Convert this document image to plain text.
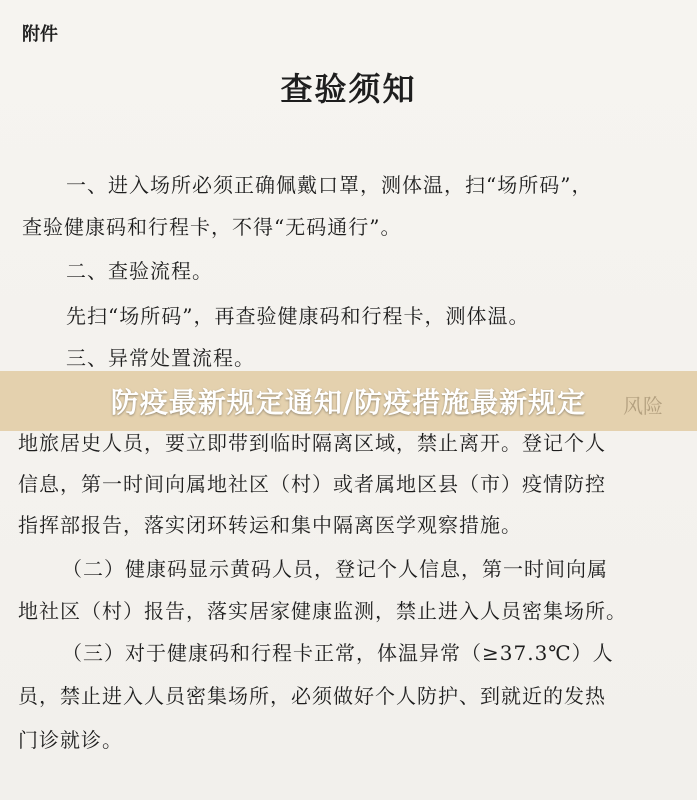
附件
查验须知
一、进入场所必须正确佩戴口罩，测体温，扫“场所码”，
查验健康码和行程卡，不得“无码通行”。
二、查验流程。
先扫“场所码”，再查验健康码和行程卡，测体温。
三、异常处置流程。
地旅居史人员，要立即带到临时隔离区域，禁止离开。登记个人
信息，第一时间向属地社区（村）或者属地区县（市）疫情防控
指挥部报告，落实闭环转运和集中隔离医学观察措施。
（二）健康码显示黄码人员，登记个人信息，第一时间向属
地社区（村）报告，落实居家健康监测，禁止进入人员密集场所。
（三）对于健康码和行程卡正常，体温异常（≥37.3℃）人
员，禁止进入人员密集场所，必须做好个人防护、到就近的发热
门诊就诊。
防疫最新规定通知/防疫措施最新规定
